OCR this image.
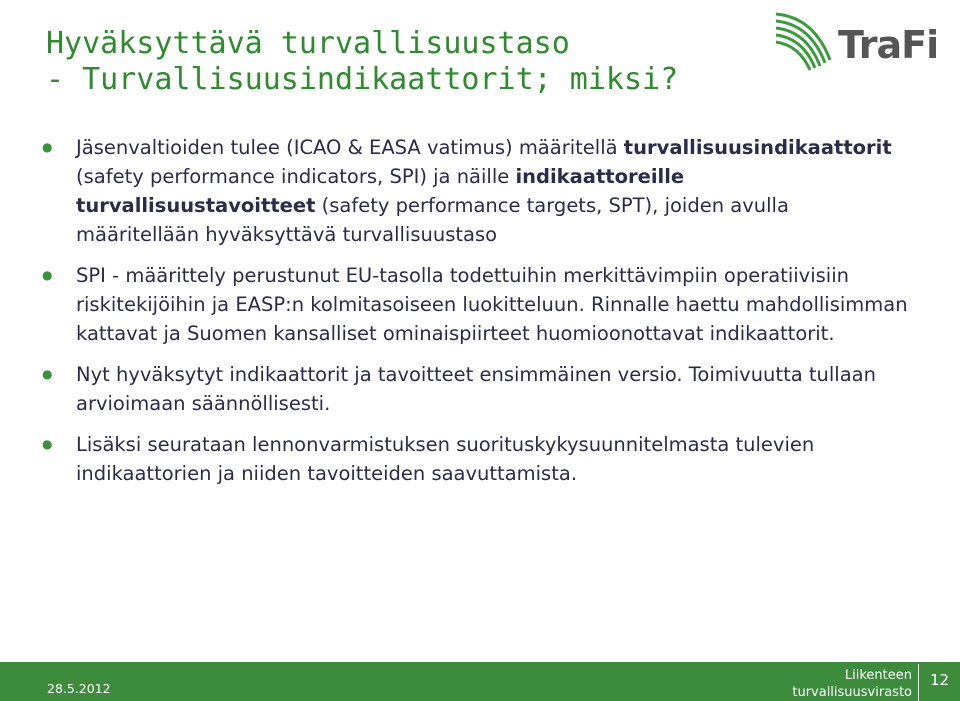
Hyväksyttävä turvallisuustaso
- Turvallisuusindikaattorit; miksi?
TraFi
● Jäsenvaltioiden tulee (ICAO & EASA vatimus) määritellä turvallisuusindikaattorit (safety performance indicators, SPI) ja näille indikaattoreille turvallisuustavoitteet (safety performance targets, SPT), joiden avulla määritellään hyväksyttävä turvallisuustaso
● SPI - määrittely perustunut EU-tasolla todettuihin merkittävimpiin operatiivisiin riskitekijöihin ja EASP:n kolmitasoiseen luokitteluun. Rinnalle haettu mahdollisimman kattavat ja Suomen kansalliset ominaispiirteet huomioonottavat indikaattorit.
● Nyt hyväksytyt indikaattorit ja tavoitteet ensimmäinen versio. Toimivuutta tullaan arvioimaan säännöllisesti.
● Lisäksi seurataan lennonvarmistuksen suorituskykysuunnitelmasta tulevien indikaattorien ja niiden tavoitteiden saavuttamista.
28.5.2012
Liikenteen
turvallisuusvirasto
12
